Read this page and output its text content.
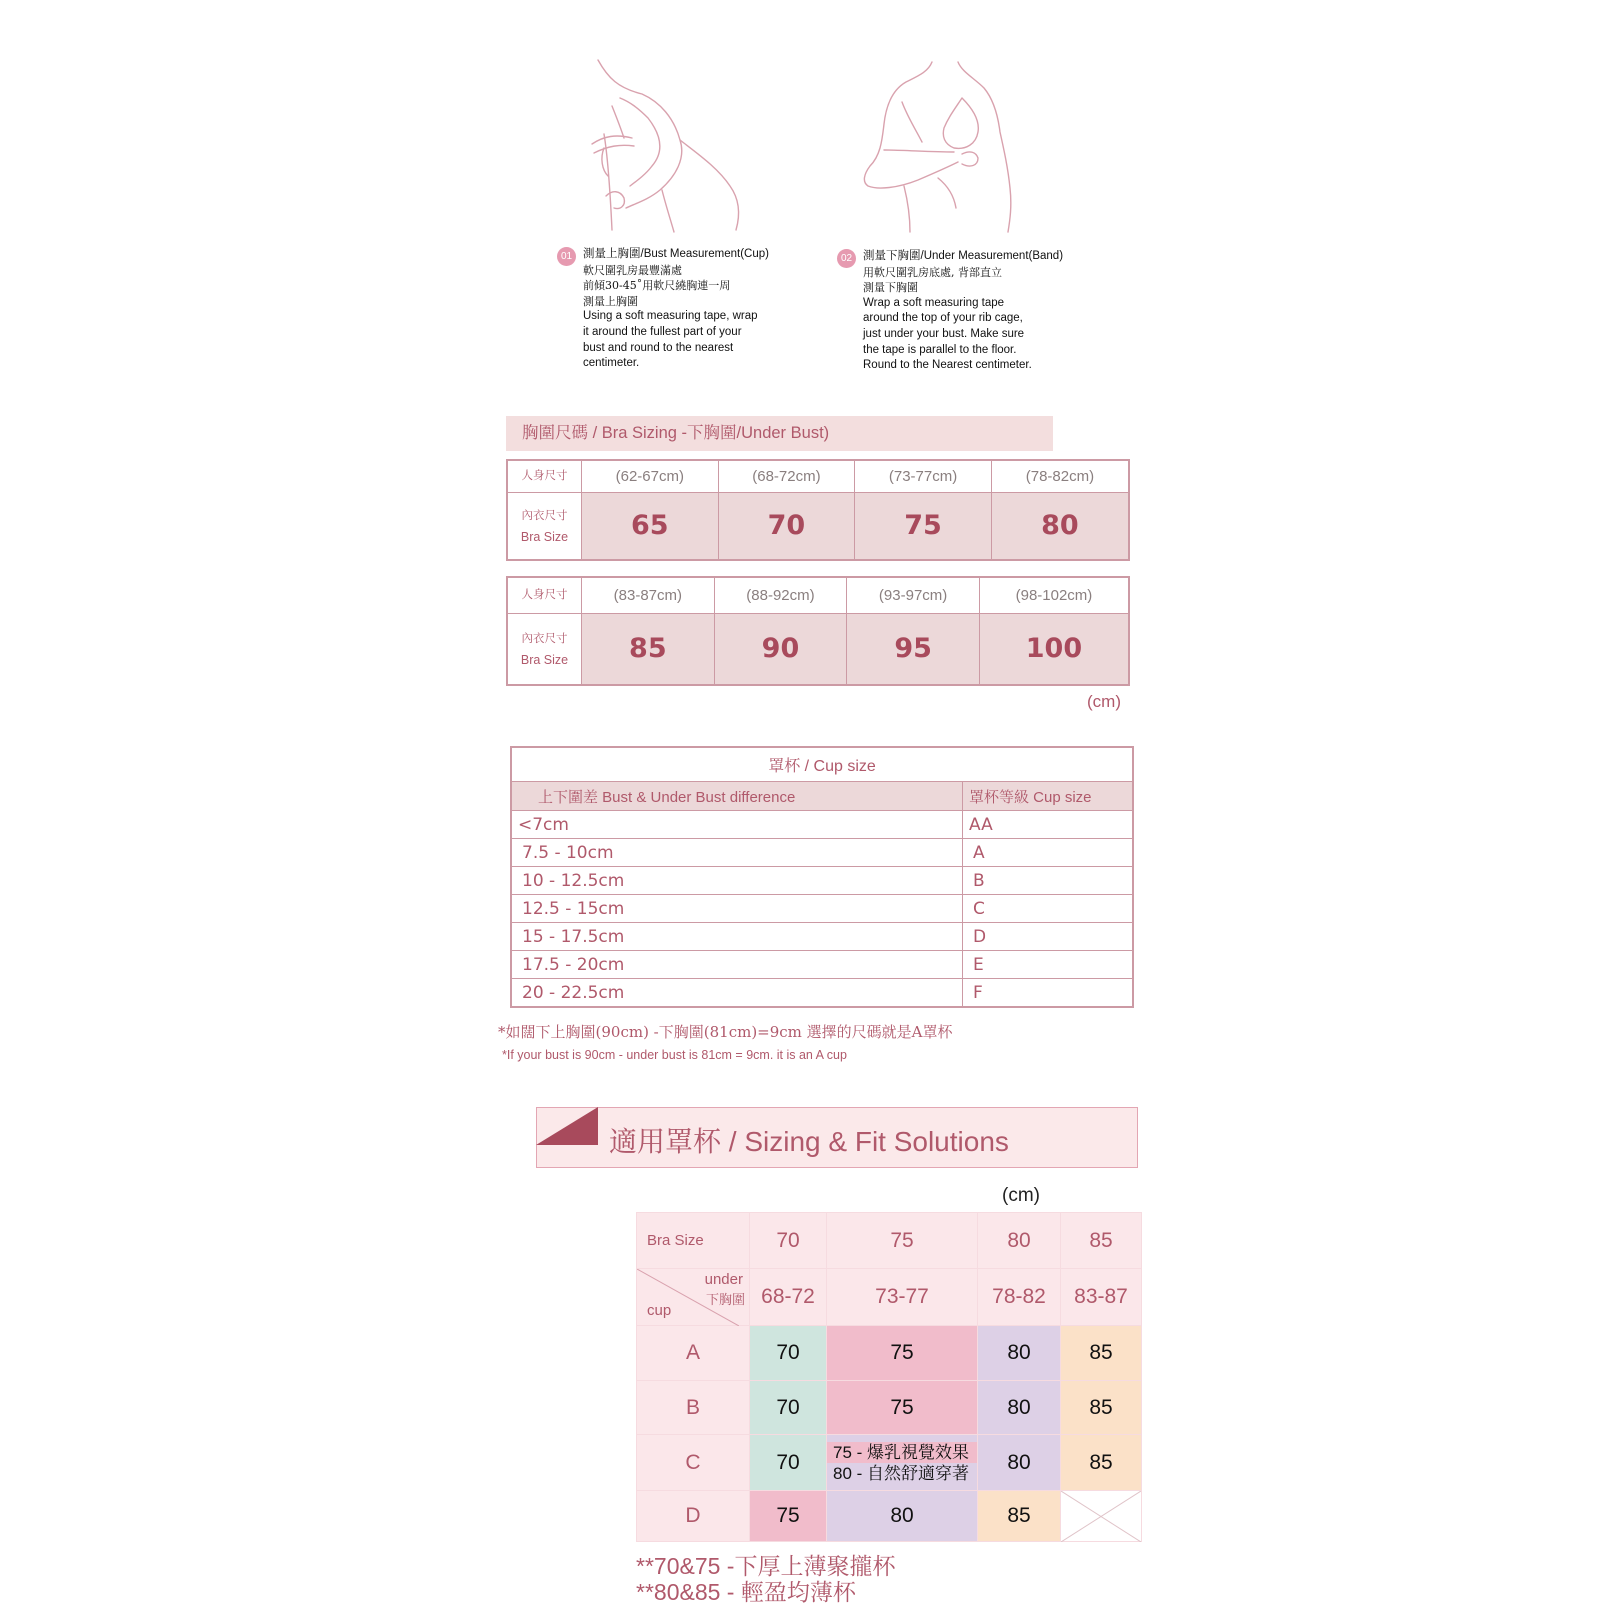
01 測量上胸圍/Bust Measurement(Cup)
軟尺圍乳房最豐滿處
前傾30-45˚用軟尺繞胸連一周
測量上胸圍
Using a soft measuring tape, wrap
it around the fullest part of your
bust and round to the nearest
centimeter.
02 測量下胸圍/Under Measurement(Band)
用軟尺圍乳房底處, 背部直立
測量下胸圍
Wrap a soft measuring tape
around the top of your rib cage,
just under your bust. Make sure
the tape is parallel to the floor.
Round to the Nearest centimeter.
胸圍尺碼 / Bra Sizing -下胸圍/Under Bust)
人身尺寸	(62-67cm)	(68-72cm)	(73-77cm)	(78-82cm)

內衣尺寸
Bra Size	65	70	75	80
人身尺寸	(83-87cm)	(88-92cm)	(93-97cm)	(98-102cm)

內衣尺寸
Bra Size	85	90	95	100
(cm)
罩杯 / Cup size	
上下圍差 Bust & Under Bust difference	罩杯等級 Cup size
<7cm	AA
7.5 - 10cm	A
10 - 12.5cm	B
12.5 - 15cm	C
15 - 17.5cm	D
17.5 - 20cm	E
20 - 22.5cm	F
*如闊下上胸圍(90cm) -下胸圍(81cm)=9cm 選擇的尺碼就是A罩杯
*If your bust is 90cm - under bust is 81cm = 9cm. it is an A cup
適用罩杯 / Sizing & Fit Solutions
(cm)
Bra Size	70	75	80	85

under
下胸圍
cup	68-72	73-77	78-82	83-87
A	70	75	80	85
B	70	75	80	85
C	70	75 - 爆乳視覺效果
80 - 自然舒適穿著	80	85
D	75	80	85	
**70&75 -下厚上薄聚攏杯
**80&85 - 輕盈均薄杯
